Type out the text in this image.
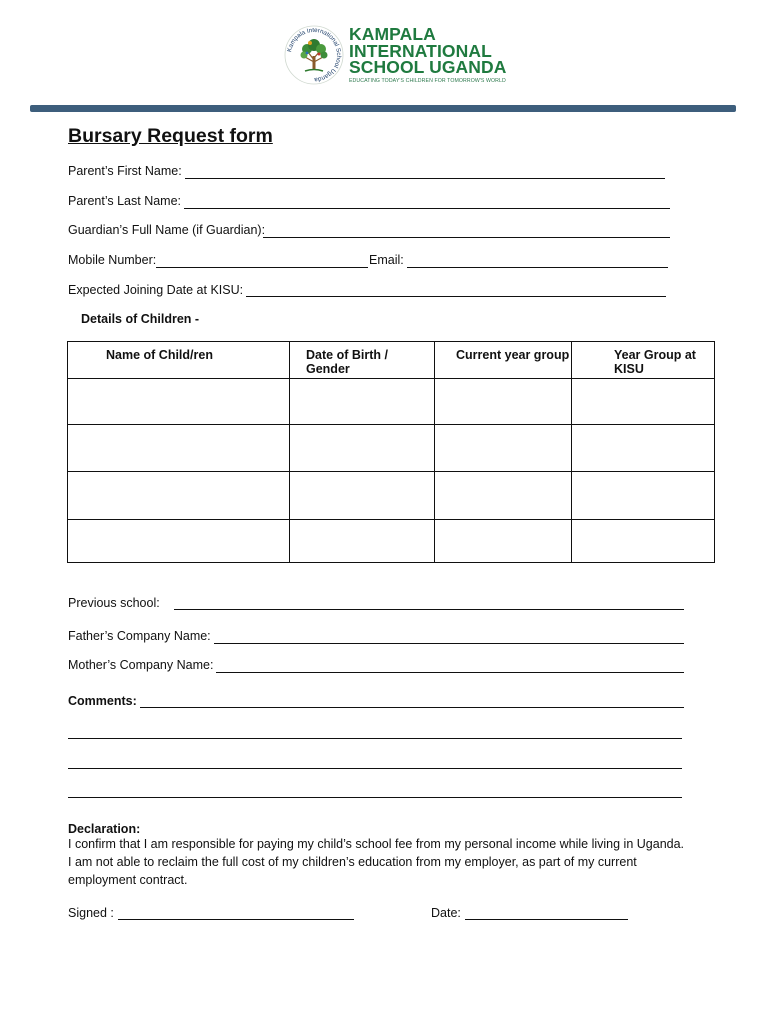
Kampala International School Uganda
KAMPALA
INTERNATIONAL
SCHOOL UGANDA
EDUCATING TODAY'S CHILDREN FOR TOMORROW'S WORLD
Bursary Request form
Parent’s First Name:
Parent’s Last Name:
Guardian’s Full Name (if Guardian):
Mobile Number:	Email:
Expected Joining Date at KISU:
Details of Children -
Name of Child/ren	Date of Birth / Gender	Current year group	Year Group at KISU

Previous school:
Father’s Company Name:
Mother’s Company Name:
Comments:
Declaration:
I confirm that I am responsible for paying my child’s school fee from my personal income while living in Uganda.
I am not able to reclaim the full cost of my children’s education from my employer, as part of my current
employment contract.
Signed :	Date:
